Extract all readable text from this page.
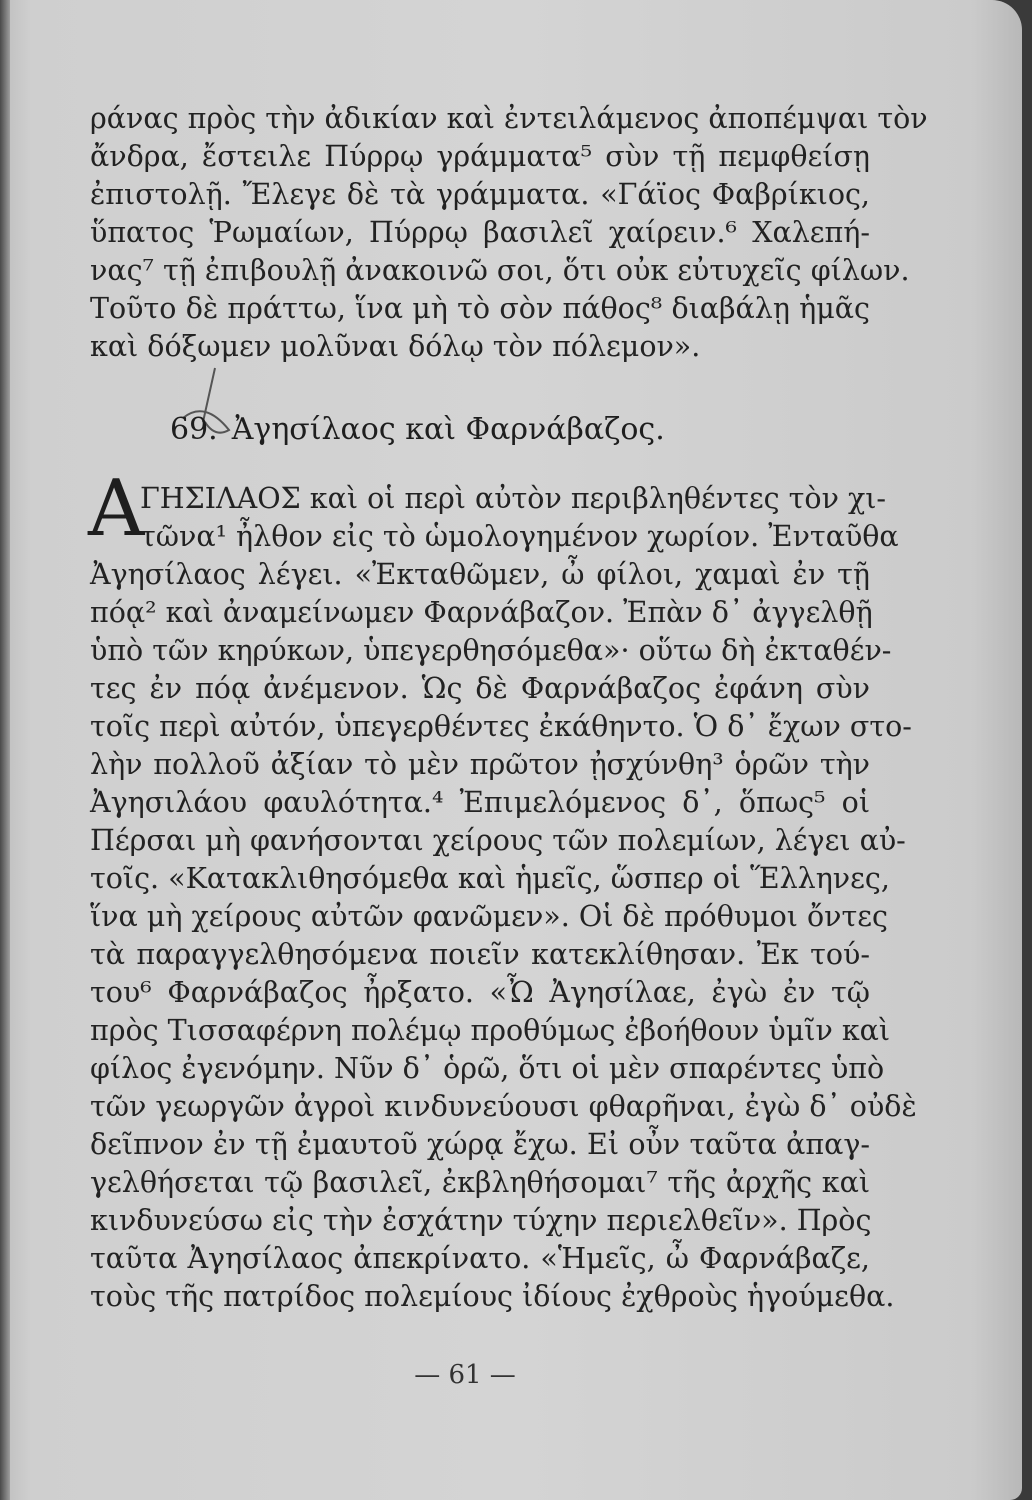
ράνας πρὸς τὴν ἀδικίαν καὶ ἐντειλάμενος ἀποπέμψαι τὸν
ἄνδρα, ἔστειλε Πύρρῳ γράμματα⁵ σὺν τῇ πεμφθείσῃ
ἐπιστολῇ. Ἔλεγε δὲ τὰ γράμματα. «Γάϊος Φαβρίκιος,
ὕπατος Ῥωμαίων, Πύρρῳ βασιλεῖ χαίρειν.⁶ Χαλεπή-
νας⁷ τῇ ἐπιβουλῇ ἀνακοινῶ σοι, ὅτι οὐκ εὐτυχεῖς φίλων.
Τοῦτο δὲ πράττω, ἵνα μὴ τὸ σὸν πάθος⁸ διαβάλῃ ἡμᾶς
καὶ δόξωμεν μολῦναι δόλῳ τὸν πόλεμον».
69. Ἀγησίλαος καὶ Φαρνάβαζος.
Α
ΓΗΣΙΛΑΟΣ καὶ οἱ περὶ αὐτὸν περιβληθέντες τὸν χι-
τῶνα¹ ἦλθον εἰς τὸ ὡμολογημένον χωρίον. Ἐνταῦθα
Ἀγησίλαος λέγει. «Ἐκταθῶμεν, ὦ φίλοι, χαμαὶ ἐν τῇ
πόᾳ² καὶ ἀναμείνωμεν Φαρνάβαζον. Ἐπὰν δ᾽ ἀγγελθῇ
ὑπὸ τῶν κηρύκων, ὑπεγερθησόμεθα»· οὕτω δὴ ἐκταθέν-
τες ἐν πόᾳ ἀνέμενον. Ὡς δὲ Φαρνάβαζος ἐφάνη σὺν
τοῖς περὶ αὐτόν, ὑπεγερθέντες ἐκάθηντο. Ὁ δ᾽ ἔχων στο-
λὴν πολλοῦ ἀξίαν τὸ μὲν πρῶτον ᾐσχύνθη³ ὁρῶν τὴν
Ἀγησιλάου φαυλότητα.⁴ Ἐπιμελόμενος δ᾽, ὅπως⁵ οἱ
Πέρσαι μὴ φανήσονται χείρους τῶν πολεμίων, λέγει αὐ-
τοῖς. «Κατακλιθησόμεθα καὶ ἡμεῖς, ὥσπερ οἱ Ἕλληνες,
ἵνα μὴ χείρους αὐτῶν φανῶμεν». Οἱ δὲ πρόθυμοι ὄντες
τὰ παραγγελθησόμενα ποιεῖν κατεκλίθησαν. Ἐκ τού-
του⁶ Φαρνάβαζος ἦρξατο. «Ὦ Ἀγησίλαε, ἐγὼ ἐν τῷ
πρὸς Τισσαφέρνη πολέμῳ προθύμως ἐβοήθουν ὑμῖν καὶ
φίλος ἐγενόμην. Νῦν δ᾽ ὁρῶ, ὅτι οἱ μὲν σπαρέντες ὑπὸ
τῶν γεωργῶν ἀγροὶ κινδυνεύουσι φθαρῆναι, ἐγὼ δ᾽ οὐδὲ
δεῖπνον ἐν τῇ ἐμαυτοῦ χώρᾳ ἔχω. Εἰ οὖν ταῦτα ἀπαγ-
γελθήσεται τῷ βασιλεῖ, ἐκβληθήσομαι⁷ τῆς ἀρχῆς καὶ
κινδυνεύσω εἰς τὴν ἐσχάτην τύχην περιελθεῖν». Πρὸς
ταῦτα Ἀγησίλαος ἀπεκρίνατο. «Ἡμεῖς, ὦ Φαρνάβαζε,
τοὺς τῆς πατρίδος πολεμίους ἰδίους ἐχθροὺς ἡγούμεθα.
— 61 —
